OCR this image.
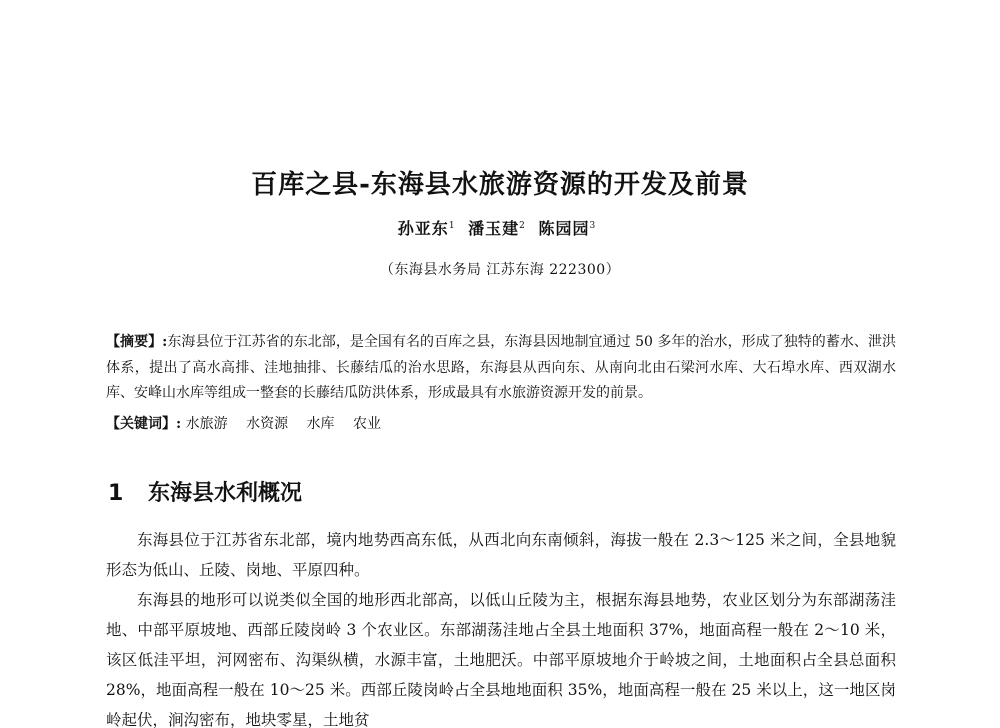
百库之县-东海县水旅游资源的开发及前景
孙亚东$^1$ 潘玉建$^2$ 陈园园$^3$
（东海县水务局 江苏东海 222300）
【摘要】:东海县位于江苏省的东北部，是全国有名的百库之县，东海县因地制宜通过 50 多年的治水，形成了独特的蓄水、泄洪体系，提出了高水高排、洼地抽排、长藤结瓜的治水思路，东海县从西向东、从南向北由石梁河水库、大石埠水库、西双湖水库、安峰山水库等组成一整套的长藤结瓜防洪体系，形成最具有水旅游资源开发的前景。
【关键词】: 水旅游 水资源 水库 农业
1 东海县水利概况

东海县位于江苏省东北部，境内地势西高东低，从西北向东南倾斜，海拔一般在 2.3～125 米之间，全县地貌形态为低山、丘陵、岗地、平原四种。

东海县的地形可以说类似全国的地形西北部高，以低山丘陵为主，根据东海县地势，农业区划分为东部湖荡洼地、中部平原坡地、西部丘陵岗岭 3 个农业区。东部湖荡洼地占全县土地面积 37%，地面高程一般在 2～10 米，该区低洼平坦，河网密布、沟渠纵横，水源丰富，土地肥沃。中部平原坡地介于岭坡之间，土地面积占全县总面积 28%，地面高程一般在 10～25 米。西部丘陵岗岭占全县地地面积 35%，地面高程一般在 25 米以上，这一地区岗岭起伏，涧沟密布，地块零星，土地贫
